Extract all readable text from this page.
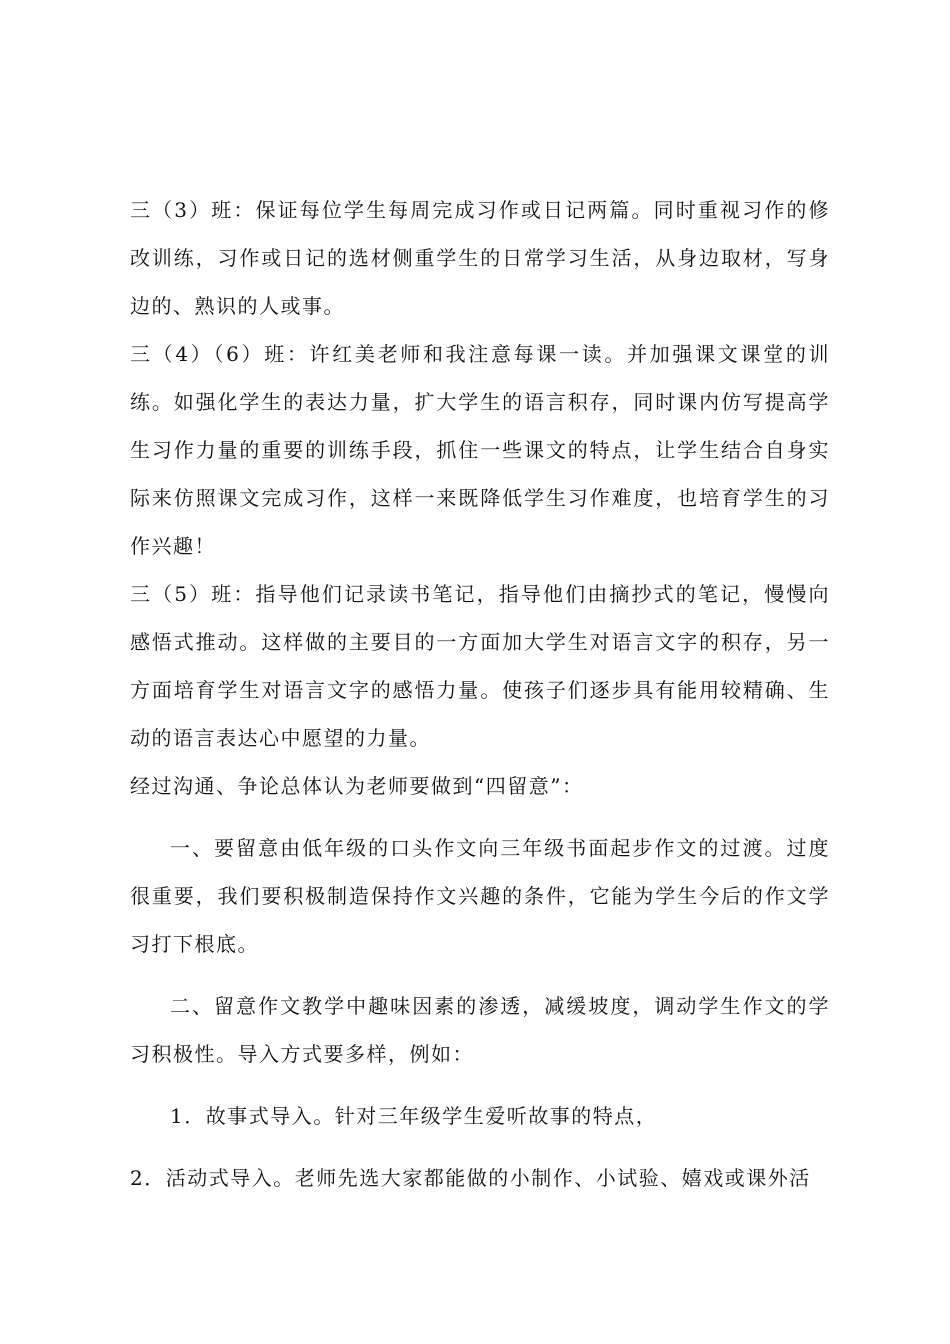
三（3）班：保证每位学生每周完成习作或日记两篇。同时重视习作的修改训练，习作或日记的选材侧重学生的日常学习生活，从身边取材，写身边的、熟识的人或事。

三（4）（6）班：许红美老师和我注意每课一读。并加强课文课堂的训练。如强化学生的表达力量，扩大学生的语言积存，同时课内仿写提高学生习作力量的重要的训练手段，抓住一些课文的特点，让学生结合自身实际来仿照课文完成习作，这样一来既降低学生习作难度，也培育学生的习作兴趣！

三（5）班：指导他们记录读书笔记，指导他们由摘抄式的笔记，慢慢向感悟式推动。这样做的主要目的一方面加大学生对语言文字的积存，另一方面培育学生对语言文字的感悟力量。使孩子们逐步具有能用较精确、生动的语言表达心中愿望的力量。

经过沟通、争论总体认为老师要做到“四留意”：

一、要留意由低年级的口头作文向三年级书面起步作文的过渡。过度很重要，我们要积极制造保持作文兴趣的条件，它能为学生今后的作文学习打下根底。

二、留意作文教学中趣味因素的渗透，减缓坡度，调动学生作文的学习积极性。导入方式要多样，例如：

1．故事式导入。针对三年级学生爱听故事的特点，

2．活动式导入。老师先选大家都能做的小制作、小试验、嬉戏或课外活
